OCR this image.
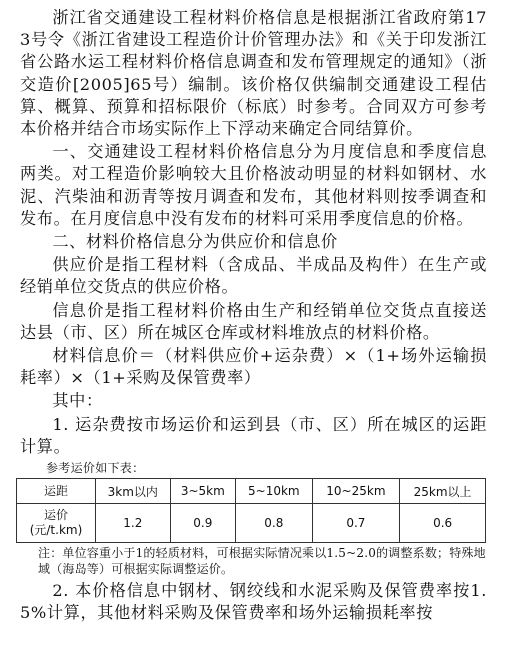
浙江省交通建设工程材料价格信息是根据浙江省政府第173号令《浙江省建设工程造价计价管理办法》和《关于印发浙江省公路水运工程材料价格信息调查和发布管理规定的通知》（浙交造价[2005]65号）编制。该价格仅供编制交通建设工程估算、概算、预算和招标限价（标底）时参考。合同双方可参考本价格并结合市场实际作上下浮动来确定合同结算价。

一、交通建设工程材料价格信息分为月度信息和季度信息两类。对工程造价影响较大且价格波动明显的材料如钢材、水泥、汽柴油和沥青等按月调查和发布，其他材料则按季调查和发布。在月度信息中没有发布的材料可采用季度信息的价格。

二、材料价格信息分为供应价和信息价

供应价是指工程材料（含成品、半成品及构件）在生产或经销单位交货点的供应价格。

信息价是指工程材料价格由生产和经销单位交货点直接送达县（市、区）所在城区仓库或材料堆放点的材料价格。

材料信息价＝（材料供应价+运杂费）×（1+场外运输损耗率）×（1+采购及保管费率）

其中：

1. 运杂费按市场运价和运到县（市、区）所在城区的运距计算。

参考运价如下表：

运距	3km以内	3~5km	5~10km	10~25km	25km以上

运价
(元/t.km)	1.2	0.9	0.8	0.7	0.6

注：单位容重小于1的轻质材料，可根据实际情况乘以1.5~2.0的调整系数；特殊地域（海岛等）可根据实际调整运价。

2. 本价格信息中钢材、钢绞线和水泥采购及保管费率按1.5%计算，其他材料采购及保管费率和场外运输损耗率按
